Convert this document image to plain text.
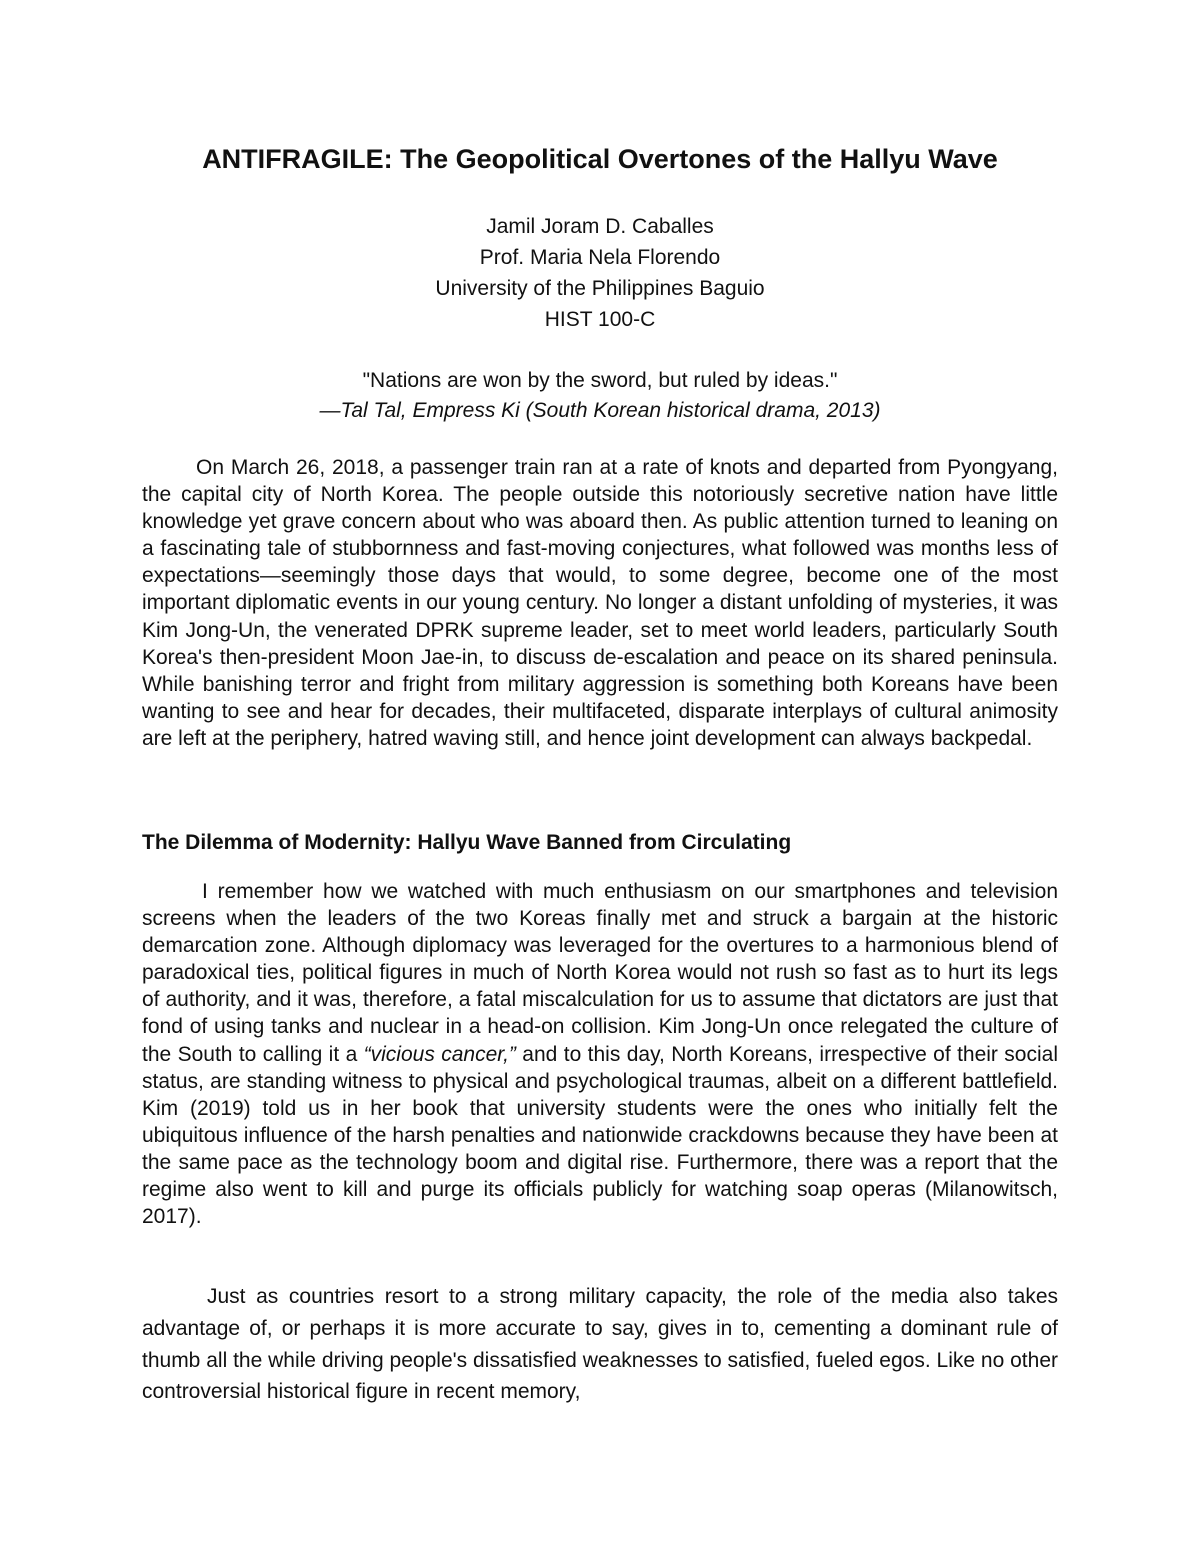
ANTIFRAGILE: The Geopolitical Overtones of the Hallyu Wave
Jamil Joram D. Caballes
Prof. Maria Nela Florendo
University of the Philippines Baguio
HIST 100-C
"Nations are won by the sword, but ruled by ideas."
—Tal Tal, Empress Ki (South Korean historical drama, 2013)

On March 26, 2018, a passenger train ran at a rate of knots and departed from Pyongyang, the capital city of North Korea. The people outside this notoriously secretive nation have little knowledge yet grave concern about who was aboard then. As public attention turned to leaning on a fascinating tale of stubbornness and fast-moving conjectures, what followed was months less of expectations—seemingly those days that would, to some degree, become one of the most important diplomatic events in our young century. No longer a distant unfolding of mysteries, it was Kim Jong-Un, the venerated DPRK supreme leader, set to meet world leaders, particularly South Korea's then-president Moon Jae-in, to discuss de-escalation and peace on its shared peninsula. While banishing terror and fright from military aggression is something both Koreans have been wanting to see and hear for decades, their multifaceted, disparate interplays of cultural animosity are left at the periphery, hatred waving still, and hence joint development can always backpedal.

The Dilemma of Modernity: Hallyu Wave Banned from Circulating

I remember how we watched with much enthusiasm on our smartphones and television screens when the leaders of the two Koreas finally met and struck a bargain at the historic demarcation zone. Although diplomacy was leveraged for the overtures to a harmonious blend of paradoxical ties, political figures in much of North Korea would not rush so fast as to hurt its legs of authority, and it was, therefore, a fatal miscalculation for us to assume that dictators are just that fond of using tanks and nuclear in a head-on collision. Kim Jong-Un once relegated the culture of the South to calling it a “vicious cancer,” and to this day, North Koreans, irrespective of their social status, are standing witness to physical and psychological traumas, albeit on a different battlefield. Kim (2019) told us in her book that university students were the ones who initially felt the ubiquitous influence of the harsh penalties and nationwide crackdowns because they have been at the same pace as the technology boom and digital rise. Furthermore, there was a report that the regime also went to kill and purge its officials publicly for watching soap operas (Milanowitsch, 2017).

Just as countries resort to a strong military capacity, the role of the media also takes advantage of, or perhaps it is more accurate to say, gives in to, cementing a dominant rule of thumb all the while driving people's dissatisfied weaknesses to satisfied, fueled egos. Like no other controversial historical figure in recent memory,
